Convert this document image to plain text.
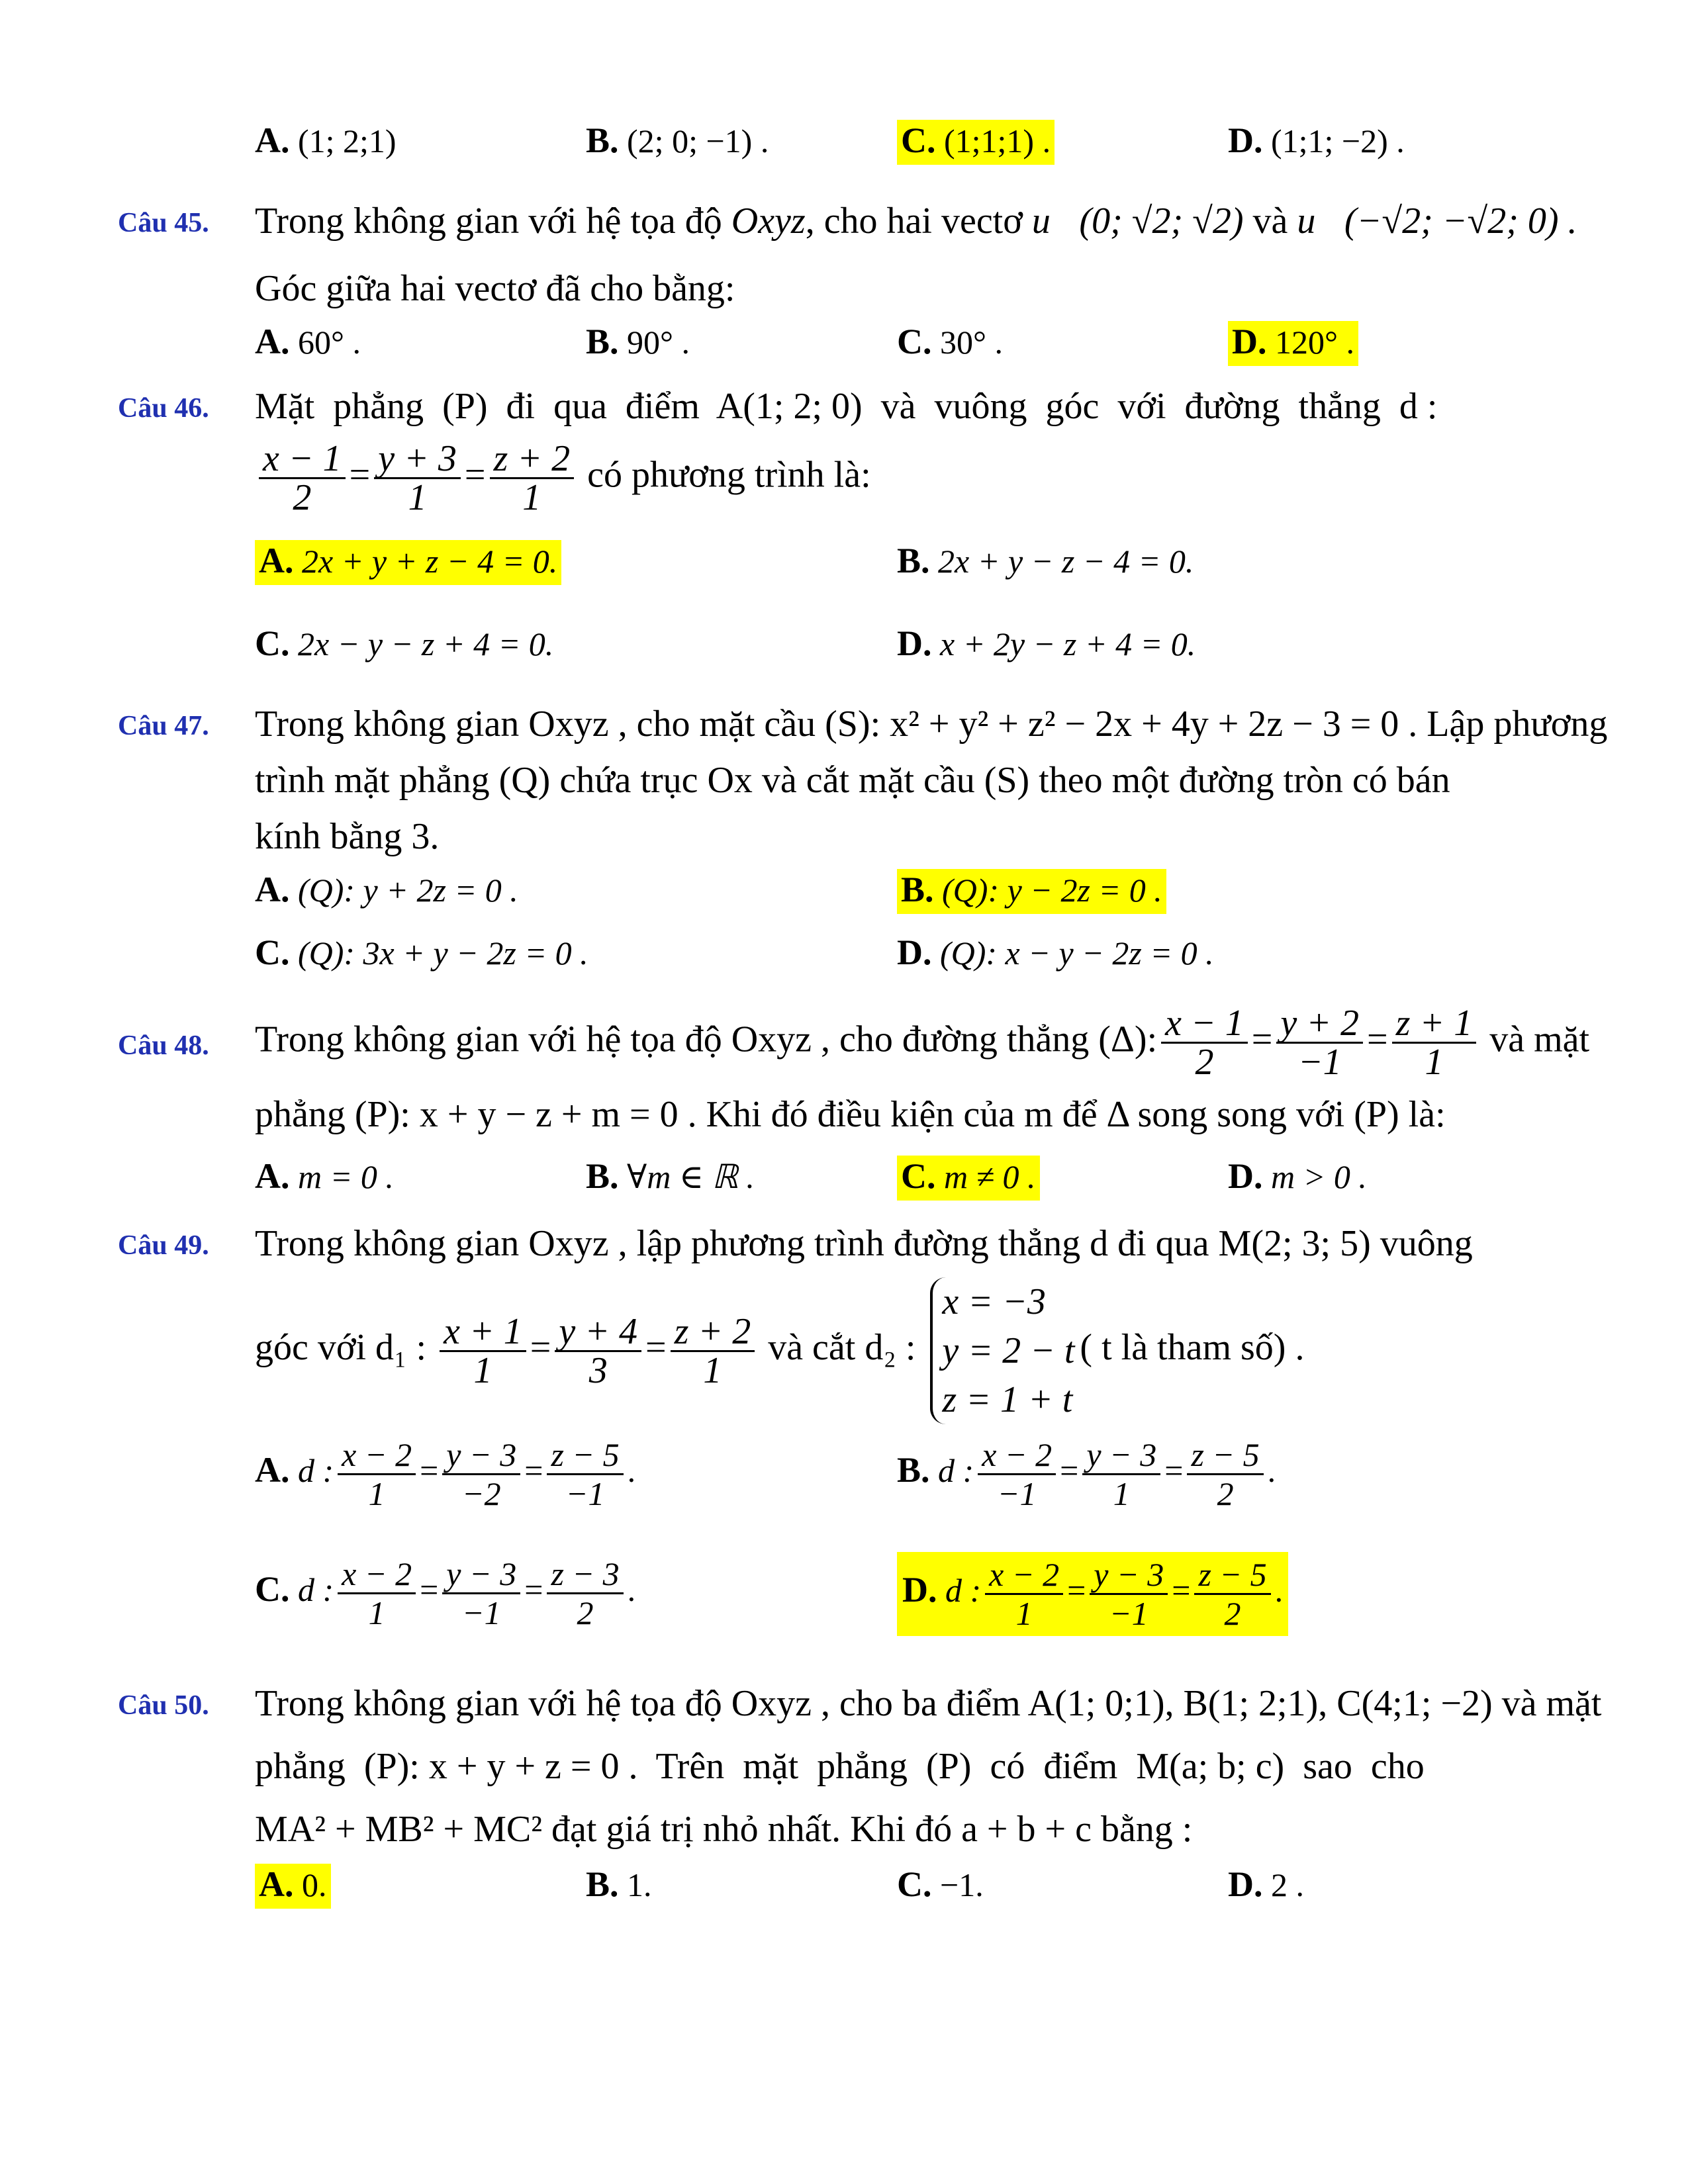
A. (1; 2;1)	B. (2; 0; −1) .	C. (1;1;1) .	D. (1;1; −2) .
Câu 45. Trong không gian với hệ tọa độ Oxyz, cho hai vectơ u⃗(0; √2; √2) và u⃗(−√2; −√2; 0) .
Góc giữa hai vectơ đã cho bằng:
A. 60° .	B. 90° .	C. 30° .	D. 120° .
Câu 46. Mặt  phẳng  (P)  đi  qua  điểm  A(1; 2; 0)  và  vuông  góc  với  đường  thẳng  d :
$\frac{x - 1}{2} = \frac{y + 3}{1} = \frac{z + 2}{1}$ có phương trình là:
A. 2x + y + z − 4 = 0.	B. 2x + y − z − 4 = 0.
C. 2x − y − z + 4 = 0.	D. x + 2y − z + 4 = 0.
Câu 47. Trong không gian Oxyz , cho mặt cầu (S): x² + y² + z² − 2x + 4y + 2z − 3 = 0 . Lập phương
trình mặt phẳng (Q) chứa trục Ox và cắt mặt cầu (S) theo một đường tròn có bán
kính bằng 3.
A. (Q): y + 2z = 0 .	B. (Q): y − 2z = 0 .
C. (Q): 3x + y − 2z = 0 .	D. (Q): x − y − 2z = 0 .
Câu 48. Trong không gian với hệ tọa độ Oxyz , cho đường thẳng (Δ): $\frac{x - 1}{2} = \frac{y + 2}{-1} = \frac{z + 1}{1}$ và mặt
phẳng (P): x + y − z + m = 0 . Khi đó điều kiện của m để Δ song song với (P) là:
A. m = 0 .	B. ∀m ∈ ℝ .	C. m ≠ 0 .	D. m > 0 .
Câu 49. Trong không gian Oxyz , lập phương trình đường thẳng d đi qua M(2; 3; 5) vuông
góc với d₁ : $\frac{x + 1}{1} = \frac{y + 4}{3} = \frac{z + 2}{1}$ và cắt d₂ :
x = −3
y = 2 − t
z = 1 + t
( t là tham số) .
A. d : $\frac{x - 2}{1} = \frac{y - 3}{-2} = \frac{z - 5}{-1}$ .	B. d : $\frac{x - 2}{-1} = \frac{y - 3}{1} = \frac{z - 5}{2}$ .
C. d : $\frac{x - 2}{1} = \frac{y - 3}{-1} = \frac{z - 3}{2}$ .	D. d : $\frac{x - 2}{1} = \frac{y - 3}{-1} = \frac{z - 5}{2}$ .
Câu 50. Trong không gian với hệ tọa độ Oxyz , cho ba điểm A(1; 0;1), B(1; 2;1), C(4;1; −2) và mặt
phẳng  (P): x + y + z = 0 .  Trên  mặt  phẳng  (P)  có  điểm  M(a; b; c)  sao  cho
MA² + MB² + MC² đạt giá trị nhỏ nhất. Khi đó a + b + c bằng :
A. 0.	B. 1.	C. −1.	D. 2 .
